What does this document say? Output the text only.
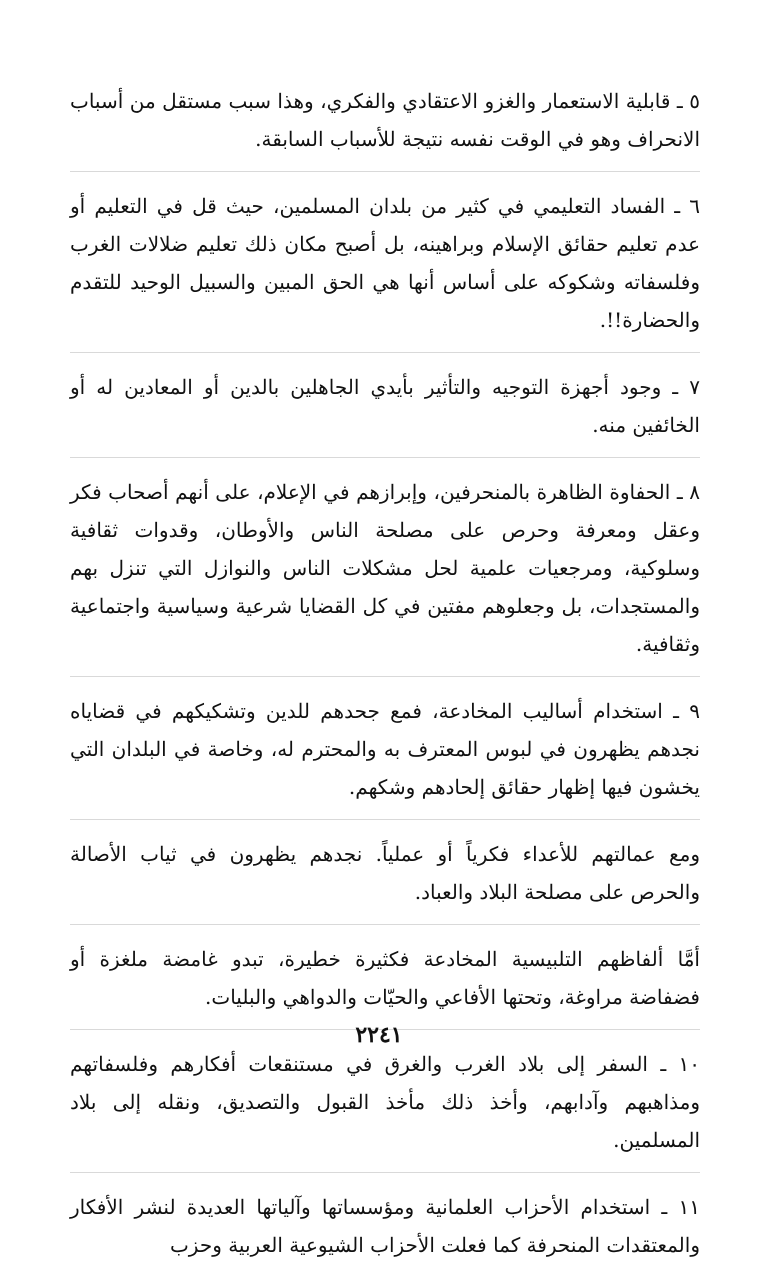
٥ ـ قابلية الاستعمار والغزو الاعتقادي والفكري، وهذا سبب مستقل من أسباب الانحراف وهو في الوقت نفسه نتيجة للأسباب السابقة.

٦ ـ الفساد التعليمي في كثير من بلدان المسلمين، حيث قل في التعليم أو عدم تعليم حقائق الإسلام وبراهينه، بل أصبح مكان ذلك تعليم ضلالات الغرب وفلسفاته وشكوكه على أساس أنها هي الحق المبين والسبيل الوحيد للتقدم والحضارة!!.

٧ ـ وجود أجهزة التوجيه والتأثير بأيدي الجاهلين بالدين أو المعادين له أو الخائفين منه.

٨ ـ الحفاوة الظاهرة بالمنحرفين، وإبرازهم في الإعلام، على أنهم أصحاب فكر وعقل ومعرفة وحرص على مصلحة الناس والأوطان، وقدوات ثقافية وسلوكية، ومرجعيات علمية لحل مشكلات الناس والنوازل التي تنزل بهم والمستجدات، بل وجعلوهم مفتين في كل القضايا شرعية وسياسية واجتماعية وثقافية.

٩ ـ استخدام أساليب المخادعة، فمع جحدهم للدين وتشكيكهم في قضاياه نجدهم يظهرون في لبوس المعترف به والمحترم له، وخاصة في البلدان التي يخشون فيها إظهار حقائق إلحادهم وشكهم.

ومع عمالتهم للأعداء فكرياً أو عملياً. نجدهم يظهرون في ثياب الأصالة والحرص على مصلحة البلاد والعباد.

أمَّا ألفاظهم التلبيسية المخادعة فكثيرة خطيرة، تبدو غامضة ملغزة أو فضفاضة مراوغة، وتحتها الأفاعي والحيّات والدواهي والبليات.

١٠ ـ السفر إلى بلاد الغرب والغرق في مستنقعات أفكارهم وفلسفاتهم ومذاهبهم وآدابهم، وأخذ ذلك مأخذ القبول والتصديق، ونقله إلى بلاد المسلمين.

١١ ـ استخدام الأحزاب العلمانية ومؤسساتها وآلياتها العديدة لنشر الأفكار والمعتقدات المنحرفة كما فعلت الأحزاب الشيوعية العربية وحزب

٢٢٤١
